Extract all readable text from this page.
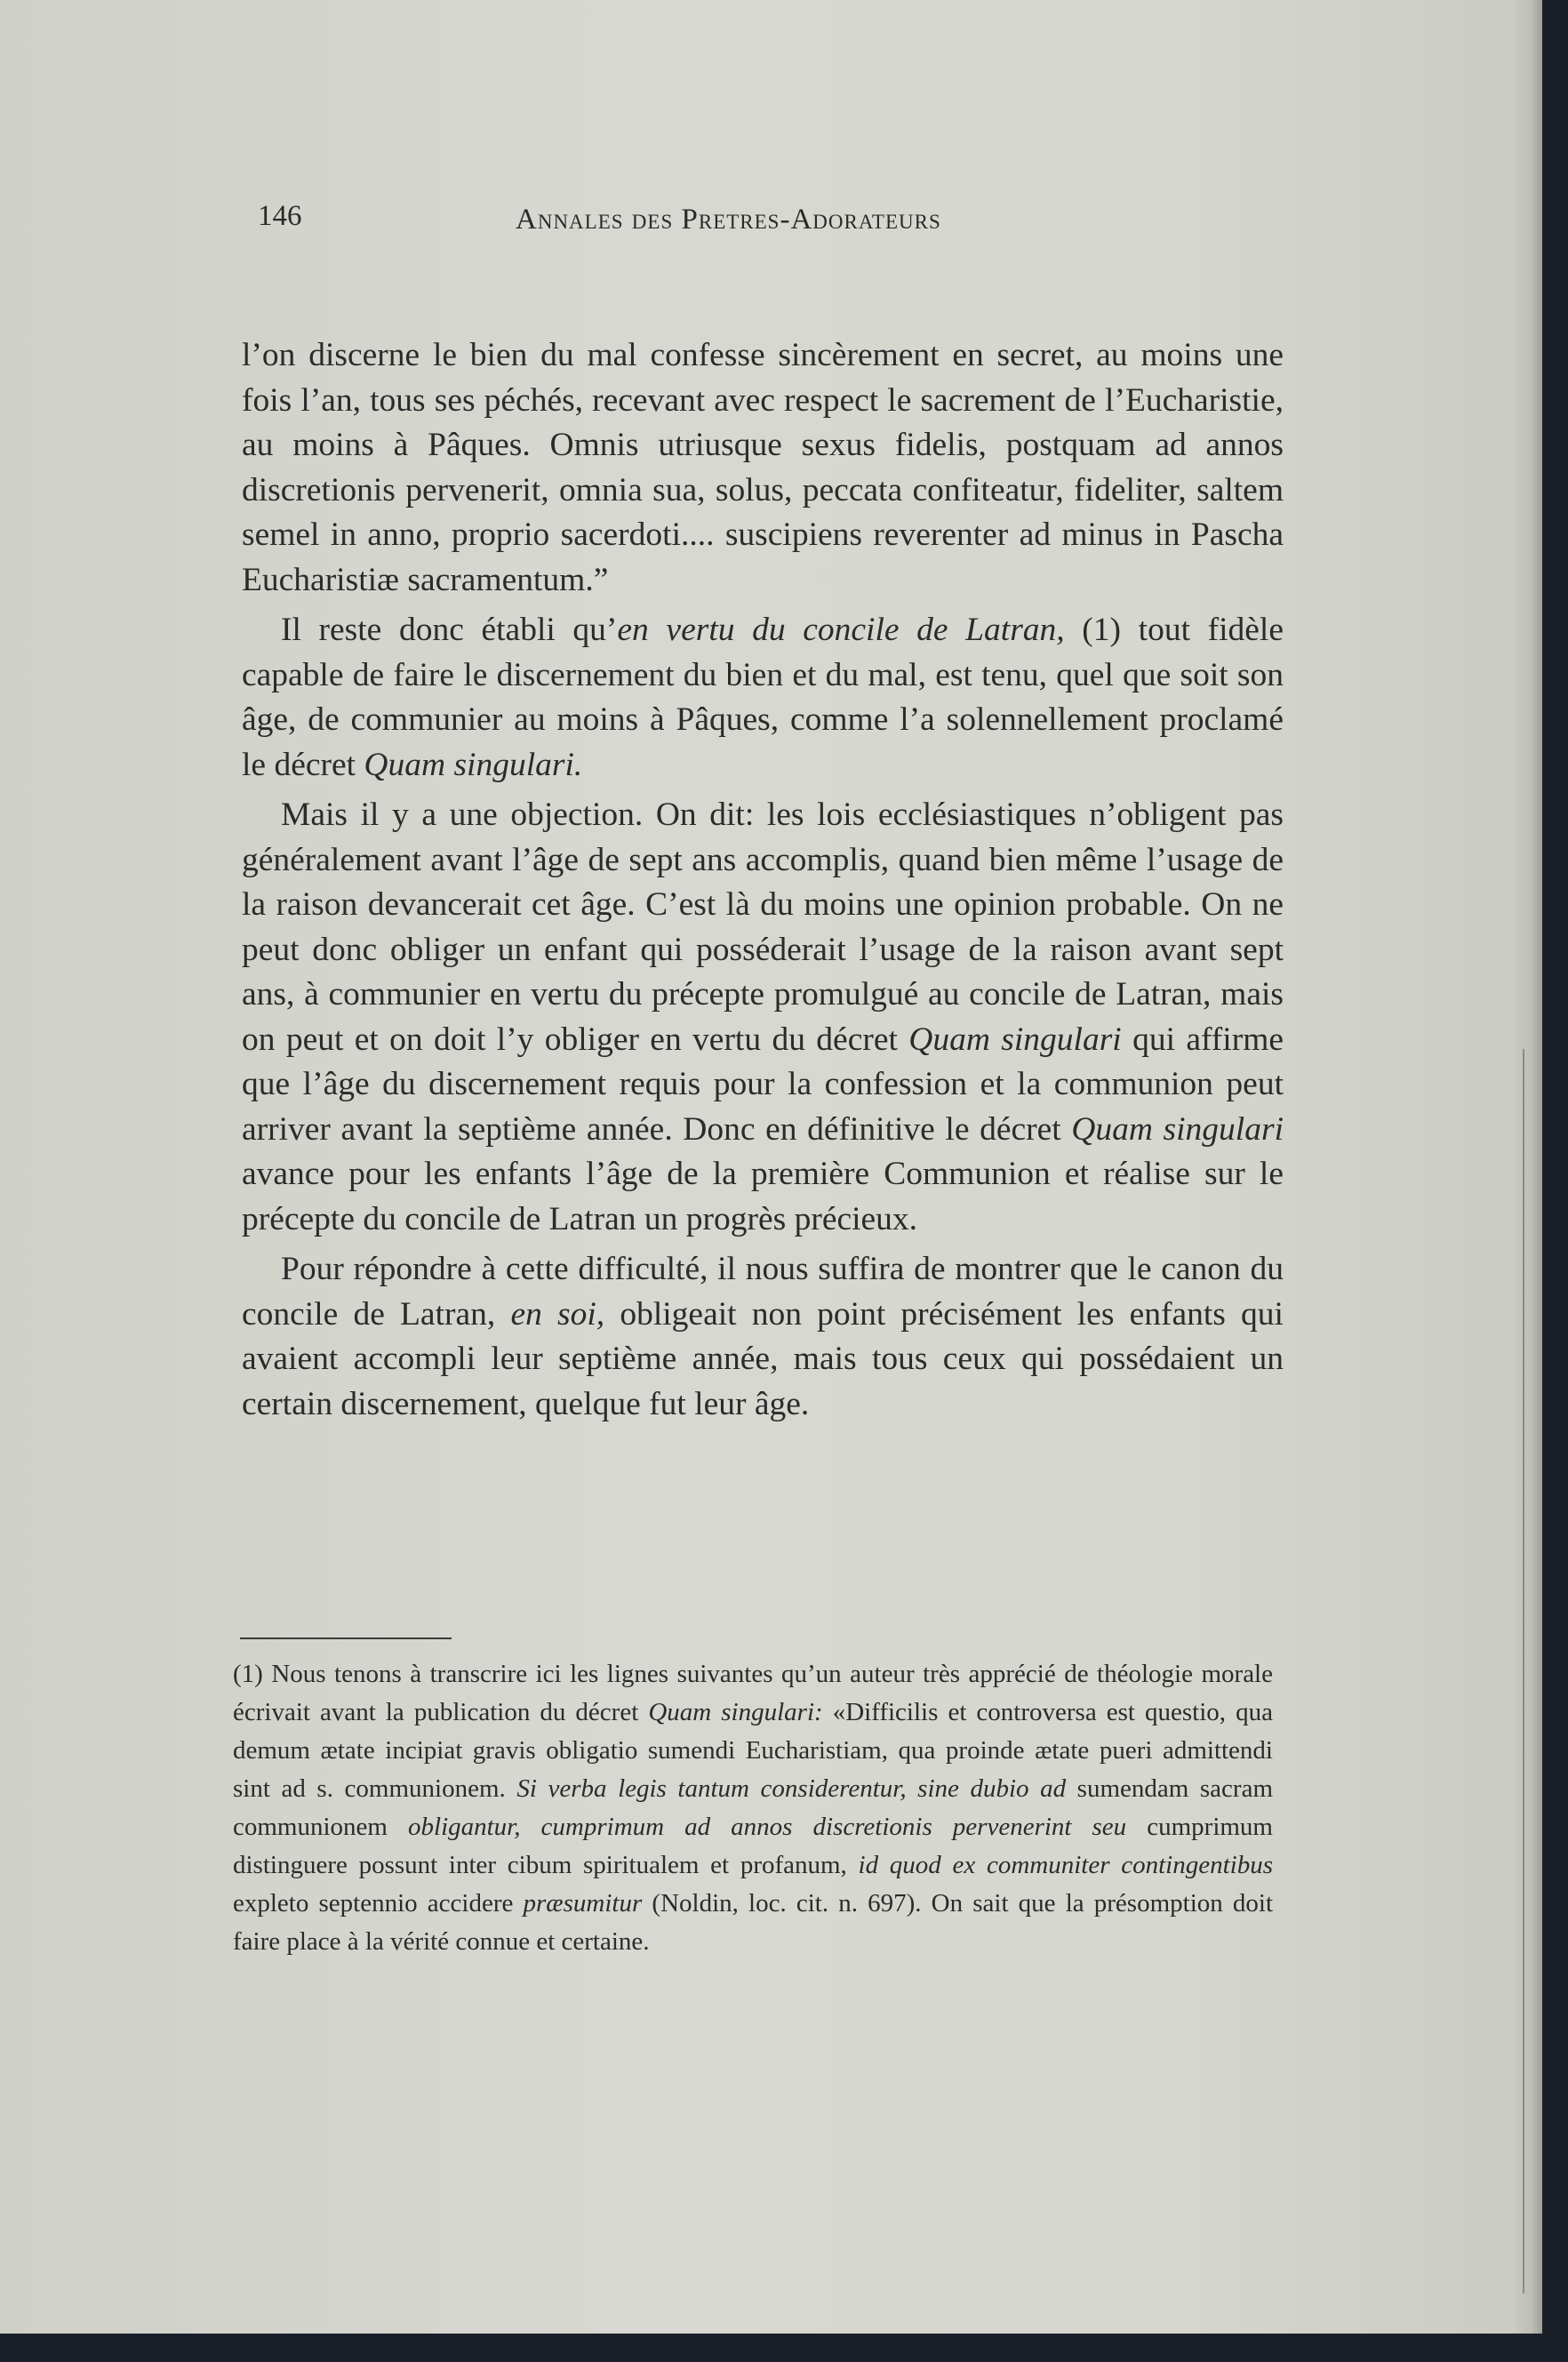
146	Annales des Pretres-Adorateurs

l’on discerne le bien du mal confesse sincèrement en secret, au moins une fois l’an, tous ses péchés, recevant avec respect le sacrement de l’Eucharistie, au moins à Pâques. Omnis utriusque sexus fidelis, postquam ad annos discretionis pervenerit, omnia sua, solus, peccata confiteatur, fideliter, saltem semel in anno, proprio sacerdoti.... suscipiens reverenter ad minus in Pascha Eucharistiæ sacramentum.”

Il reste donc établi qu’en vertu du concile de Latran, (1) tout fidèle capable de faire le discernement du bien et du mal, est tenu, quel que soit son âge, de communier au moins à Pâques, comme l’a solennellement proclamé le décret Quam singulari.

Mais il y a une objection. On dit: les lois ecclésiastiques n’obligent pas généralement avant l’âge de sept ans accomplis, quand bien même l’usage de la raison devancerait cet âge. C’est là du moins une opinion probable. On ne peut donc obliger un enfant qui posséderait l’usage de la raison avant sept ans, à communier en vertu du précepte promulgué au concile de Latran, mais on peut et on doit l’y obliger en vertu du décret Quam singulari qui affirme que l’âge du discernement requis pour la confession et la communion peut arriver avant la septième année. Donc en définitive le décret Quam singulari avance pour les enfants l’âge de la première Communion et réalise sur le précepte du concile de Latran un progrès précieux.

Pour répondre à cette difficulté, il nous suffira de montrer que le canon du concile de Latran, en soi, obligeait non point précisément les enfants qui avaient accompli leur septième année, mais tous ceux qui possédaient un certain discernement, quelque fut leur âge.

(1) Nous tenons à transcrire ici les lignes suivantes qu’un auteur très apprécié de théologie morale écrivait avant la publication du décret Quam singulari: «Difficilis et controversa est questio, qua demum ætate incipiat gravis obligatio sumendi Eucharistiam, qua proinde ætate pueri admittendi sint ad s. communionem. Si verba legis tantum considerentur, sine dubio ad sumendam sacram communionem obligantur, cumprimum ad annos discretionis pervenerint seu cumprimum distinguere possunt inter cibum spiritualem et profanum, id quod ex communiter contingentibus expleto septennio accidere præsumitur (Noldin, loc. cit. n. 697). On sait que la présomption doit faire place à la vérité connue et certaine.
